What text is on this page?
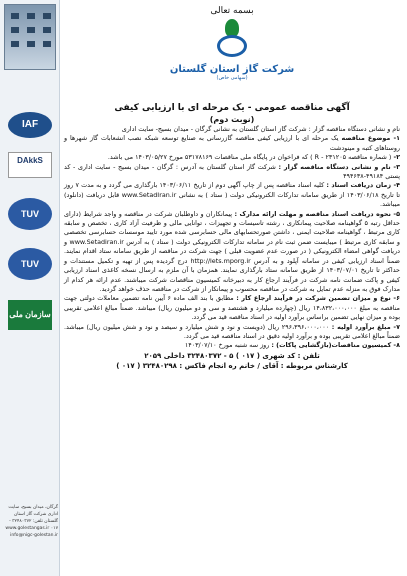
IAF
DAkkS
TUV
TUV
سازمان ملی
گرگان، میدان بسیج، سایت اداری شرکت گاز استان گلستان تلفن: ۳۲۴۸۰۳۷۲ - ۰۱۷ www.golestangas.ir info@nigc-golestan.ir
بسمه تعالی
شرکت گاز استان گلستان
(سهامی خاص)
آگهی مناقصه عمومی - یک مرحله ای با ارزیابی کیفی
(نوبت دوم)

نام و نشانی دستگاه مناقصه گزار : شرکت گاز استان گلستان به نشانی گرگان - میدان بسیج- سایت اداری

۱- موضوع مناقصه یک مرحله ای با ارزیابی کیفی مناقصه گازرسانی به صنایع توسعه شبکه نصب انشعابات گاز شهرها و روستاهای کتبه و مینودشت

۲- ( شماره مناقصه R - ۲۳۱۲۰۵ ) که فراخوان در پایگاه ملی مناقصات ۵۳۱۷۸۱۶۹ مورخ ۱۴۰۳/۰۵/۲۷ می باشد.

۳- نام و نشانی دستگاه مناقصه گزار : شرکت گاز استان گلستان به آدرس : گرگان - میدان بسیج - سایت اداری - کد پستی ۴۹۱۸۴-۴۹۴۶۳۸

۴- زمان دریافت اسناد : کلیه اسناد مناقصه پس از چاپ آگهی دوم از تاریخ ۱۴۰۳/۰۶/۱۱ بارگذاری می گردد و به مدت ۷ روز تا تاریخ ۱۴۰۳/۰۶/۱۸ از طریق سامانه تدارکات الکترونیکی دولت ( ستاد ) به نشانی www.SetadIran.ir قابل دریافت (دانلود) میباشد.

۵- نحوه دریافت اسناد مناقصه و مهلت ارائه مدارک : پیمانکاران و داوطلبان شرکت در مناقصه و واجد شرایط (دارای حداقل رتبه ۵ گواهینامه صلاحیت پیمانکاری ، رشته تاسیسات و تجهیزات ، توانایی مالی و ظرفیت آزاد کاری ، تخصص و سابقه کاری مرتبط ، گواهینامه صلاحیت ایمنی ، داشتن صورتحسابهای مالی حسابرسی شده مورد تایید موسسات حسابرسی تخصصی و سابقه کاری مرتبط ) میبایست ضمن ثبت نام در سامانه تدارکات الکترونیکی دولت ( ستاد ) به آدرس www.Setadiran.ir و دریافت گواهی امضاء الکترونیکی ( در صورت عدم عضویت قبلی ) جهت شرکت در مناقصه از طریق سامانه ستاد اقدام نمایند. ضمناً اسناد ارزیابی کیفی در سامانه آپلود و به آدرس http://lets.mporg.ir درج گردیده پس از تهیه و تکمیل مستندات و حداکثر تا تاریخ ۱۴۰۳/۰۷/۰۱ از طریق سامانه ستاد بارگذاری نمایند. همزمان با آن ملزم به ارسال نسخه کاغذی اسناد ارزیابی کیفی و پاکت ضمانت نامه شرکت در فرآیند ارجاع کار به دبیرخانه کمیسیون مناقصات شرکت میباشند. عدم ارائه هر کدام از مدارک فوق به منزله عدم تمایل به شرکت در مناقصه محسوب و پیمانکار از شرکت در مناقصه حذف خواهد گردید.

۶- نوع و میزان تضمین شرکت در فرآیند ارجاع کار : مطابق با بند الف ماده ۶ آیین نامه تضمین معاملات دولتی جهت مناقصه به مبلغ ۱۴،۸۳۲،۰۰۰،۰۰۰ ریال (چهارده میلیارد و هشتصد و سی و دو میلیون ریال) میباشد. ضمناً مبالغ اعلامی تقریبی بوده و میزان نهایی تضمین براساس برآورد اولیه در اسناد مناقصه قید می گردد.

۷- مبلغ برآورد اولیه : ۲۹۶،۳۹۶،۰۰۰،۰۰۰ ریال (دویست و نود و شش میلیارد و سیصد و نود و شش میلیون ریال) میباشد. ضمناً مبالغ اعلامی تقریبی بوده و برآورد اولیه دقیق در اسناد مناقصه قید می گردد.

۸- کمیسیون مناقصات(بازگشایی پاکات) : روز سه شنبه مورخ ۱۴۰۳/۰۷/۱۰

تلفن : کد شهری ( ۰۱۷ ) ۵ - ۳۲۴۸۰۳۷۲ داخلی ۲۰۵۹
کارشناس مربوطه : آقای / خانم ره انجام فاکس : ۳۲۴۸۰۲۹۸ ( ۰۱۷ )
